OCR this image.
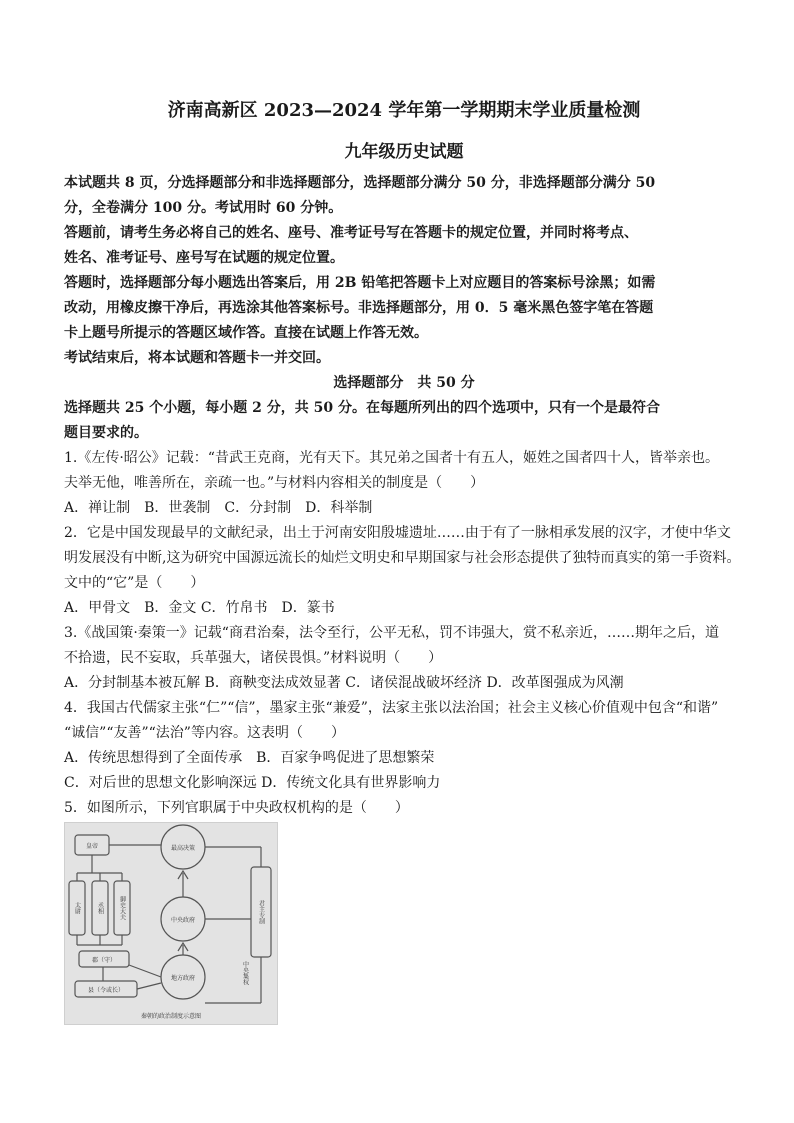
济南高新区 2023—2024 学年第一学期期末学业质量检测
九年级历史试题
本试题共 8 页，分选择题部分和非选择题部分，选择题部分满分 50 分，非选择题部分满分 50
分，全卷满分 100 分。考试用时 60 分钟。
答题前，请考生务必将自己的姓名、座号、准考证号写在答题卡的规定位置，并同时将考点、
姓名、准考证号、座号写在试题的规定位置。
答题时，选择题部分每小题选出答案后，用 2B 铅笔把答题卡上对应题目的答案标号涂黑；如需
改动，用橡皮擦干净后，再选涂其他答案标号。非选择题部分，用 0．5 毫米黑色签字笔在答题
卡上题号所提示的答题区域作答。直接在试题上作答无效。
考试结束后，将本试题和答题卡一并交回。
选择题部分　共 50 分
选择题共 25 个小题，每小题 2 分，共 50 分。在每题所列出的四个选项中，只有一个是最符合
题目要求的。
1.《左传·昭公》记载：“昔武王克商，光有天下。其兄弟之国者十有五人，姬姓之国者四十人，皆举亲也。
夫举无他，唯善所在，亲疏一也。”与材料内容相关的制度是（　　）
A．禅让制　B．世袭制　C．分封制　D．科举制
2．它是中国发现最早的文献纪录，出土于河南安阳殷墟遗址……由于有了一脉相承发展的汉字，才使中华文
明发展没有中断,这为研究中国源远流长的灿烂文明史和早期国家与社会形态提供了独特而真实的第一手资料。
文中的“它”是（　　）
A．甲骨文　B．金文 C．竹帛书　D．篆书
3.《战国策·秦策一》记载“商君治秦，法令至行，公平无私，罚不讳强大，赏不私亲近，……期年之后，道
不拾遗，民不妄取，兵革强大，诸侯畏惧。”材料说明（　　）
A．分封制基本被瓦解 B．商鞅变法成效显著 C．诸侯混战破坏经济 D．改革图强成为风潮
4．我国古代儒家主张“仁”“信”，墨家主张“兼爱”，法家主张以法治国；社会主义核心价值观中包含“和谐”
“诚信”“友善”“法治”等内容。这表明（　　）
A．传统思想得到了全面传承　B．百家争鸣促进了思想繁荣
C．对后世的思想文化影响深远 D．传统文化具有世界影响力
5．如图所示，下列官职属于中央政权机构的是（　　）
皇帝	最高决策
中央政府
地方政府
郡（守）
县（令或长）
太尉	丞相	御史大夫	君主专制
中央集权
秦朝的政治制度示意图
